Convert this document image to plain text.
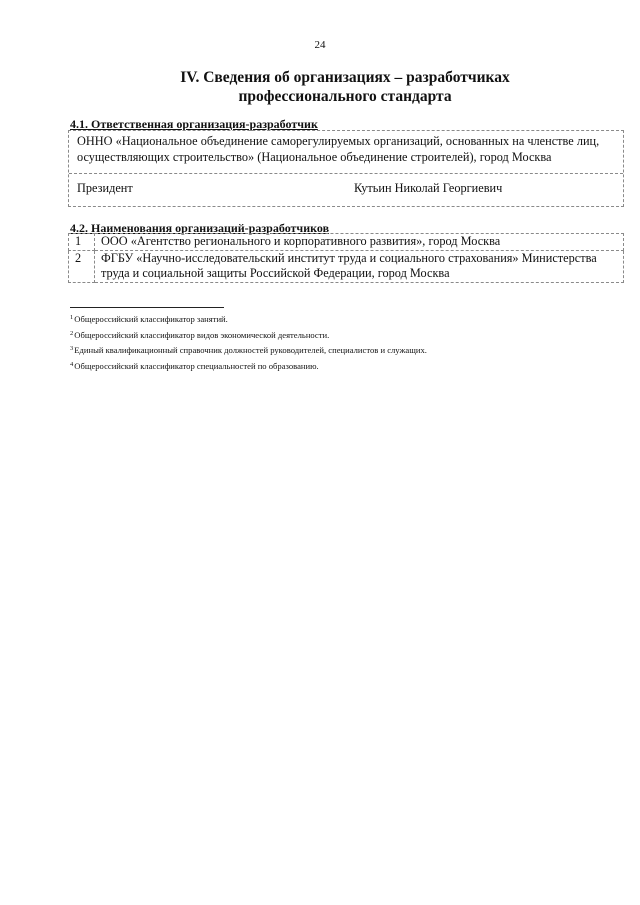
24
IV. Сведения об организациях – разработчиках
профессионального стандарта
4.1. Ответственная организация-разработчик
ОННО «Национальное объединение саморегулируемых организаций, основанных на членстве лиц, осуществляющих строительство» (Национальное объединение строителей), город Москва
Президент	Кутьин Николай Георгиевич
4.2. Наименования организаций-разработчиков
1	ООО «Агентство регионального и корпоративного развития», город Москва
2	ФГБУ «Научно-исследовательский институт труда и социального страхования» Министерства труда и социальной защиты Российской Федерации, город Москва
$^1$Общероссийский классификатор занятий.
$^2$Общероссийский классификатор видов экономической деятельности.
$^3$Единый квалификационный справочник должностей руководителей, специалистов и служащих.
$^4$Общероссийский классификатор специальностей по образованию.
